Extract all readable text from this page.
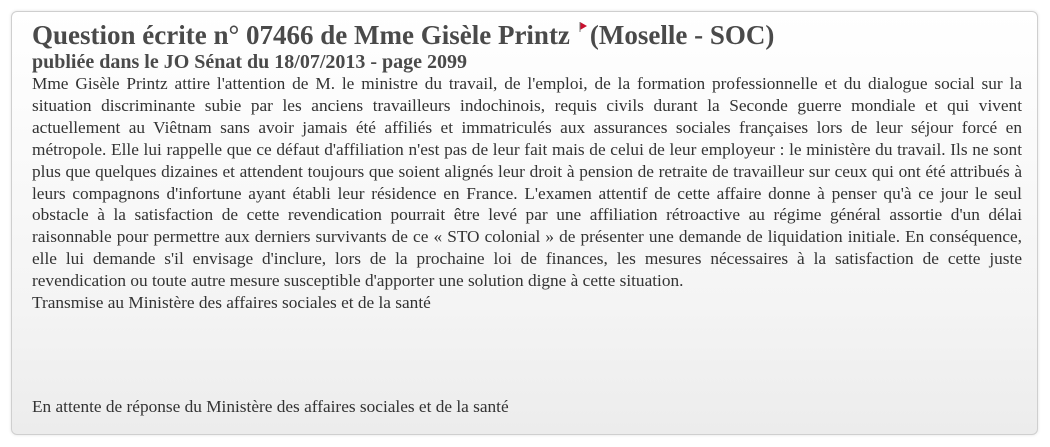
Question écrite n° 07466 de Mme Gisèle Printz (Moselle - SOC)
publiée dans le JO Sénat du 18/07/2013 - page 2099

Mme Gisèle Printz attire l'attention de M. le ministre du travail, de l'emploi, de la formation professionnelle et du dialogue social sur la situation discriminante subie par les anciens travailleurs indochinois, requis civils durant la Seconde guerre mondiale et qui vivent actuellement au Viêtnam sans avoir jamais été affiliés et immatriculés aux assurances sociales françaises lors de leur séjour forcé en métropole. Elle lui rappelle que ce défaut d'affiliation n'est pas de leur fait mais de celui de leur employeur : le ministère du travail. Ils ne sont plus que quelques dizaines et attendent toujours que soient alignés leur droit à pension de retraite de travailleur sur ceux qui ont été attribués à leurs compagnons d'infortune ayant établi leur résidence en France. L'examen attentif de cette affaire donne à penser qu'à ce jour le seul obstacle à la satisfaction de cette revendication pourrait être levé par une affiliation rétroactive au régime général assortie d'un délai raisonnable pour permettre aux derniers survivants de ce « STO colonial » de présenter une demande de liquidation initiale. En conséquence, elle lui demande s'il envisage d'inclure, lors de la prochaine loi de finances, les mesures nécessaires à la satisfaction de cette juste revendication ou toute autre mesure susceptible d'apporter une solution digne à cette situation.

Transmise au Ministère des affaires sociales et de la santé

En attente de réponse du Ministère des affaires sociales et de la santé
